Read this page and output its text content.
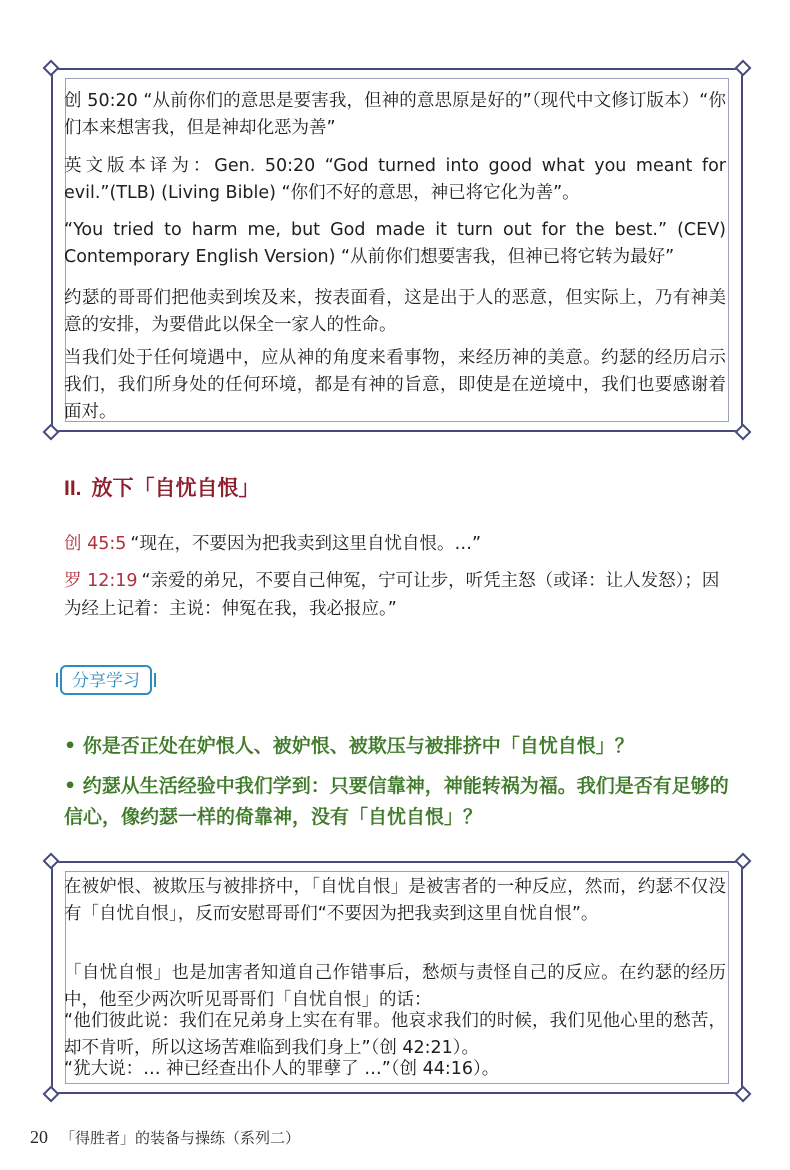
创 50:20 “从前你们的意思是要害我，但神的意思原是好的”（现代中文修订版本）“你们本来想害我，但是神却化恶为善”
英文版本译为：Gen. 50:20 “God turned into good what you meant for evil.”(TLB) (Living Bible) “你们不好的意思，神已将它化为善”。
“You tried to harm me, but God made it turn out for the best.” (CEV) Contemporary English Version) “从前你们想要害我，但神已将它转为最好”
约瑟的哥哥们把他卖到埃及来，按表面看，这是出于人的恶意，但实际上，乃有神美意的安排，为要借此以保全一家人的性命。
当我们处于任何境遇中，应从神的角度来看事物，来经历神的美意。约瑟的经历启示我们，我们所身处的任何环境，都是有神的旨意，即使是在逆境中，我们也要感谢着面对。
II. 放下「自忧自恨」
创 45:5 “现在，不要因为把我卖到这里自忧自恨。…”
罗 12:19 “亲爱的弟兄，不要自己伸冤，宁可让步，听凭主怒（或译：让人发怒）；因为经上记着：主说：伸冤在我，我必报应。”
分享学习
• 你是否正处在妒恨人、被妒恨、被欺压与被排挤中「自忧自恨」？
• 约瑟从生活经验中我们学到：只要信靠神，神能转祸为福。我们是否有足够的信心，像约瑟一样的倚靠神，没有「自忧自恨」？
在被妒恨、被欺压与被排挤中，「自忧自恨」是被害者的一种反应，然而，约瑟不仅没有「自忧自恨」，反而安慰哥哥们“不要因为把我卖到这里自忧自恨”。
「自忧自恨」也是加害者知道自己作错事后，愁烦与责怪自己的反应。在约瑟的经历中，他至少两次听见哥哥们「自忧自恨」的话：
“他们彼此说：我们在兄弟身上实在有罪。他哀求我们的时候，我们见他心里的愁苦，却不肯听，所以这场苦难临到我们身上”（创 42:21）。
“犹大说：… 神已经查出仆人的罪孽了 …”（创 44:16）。
20 「得胜者」的装备与操练（系列二）
